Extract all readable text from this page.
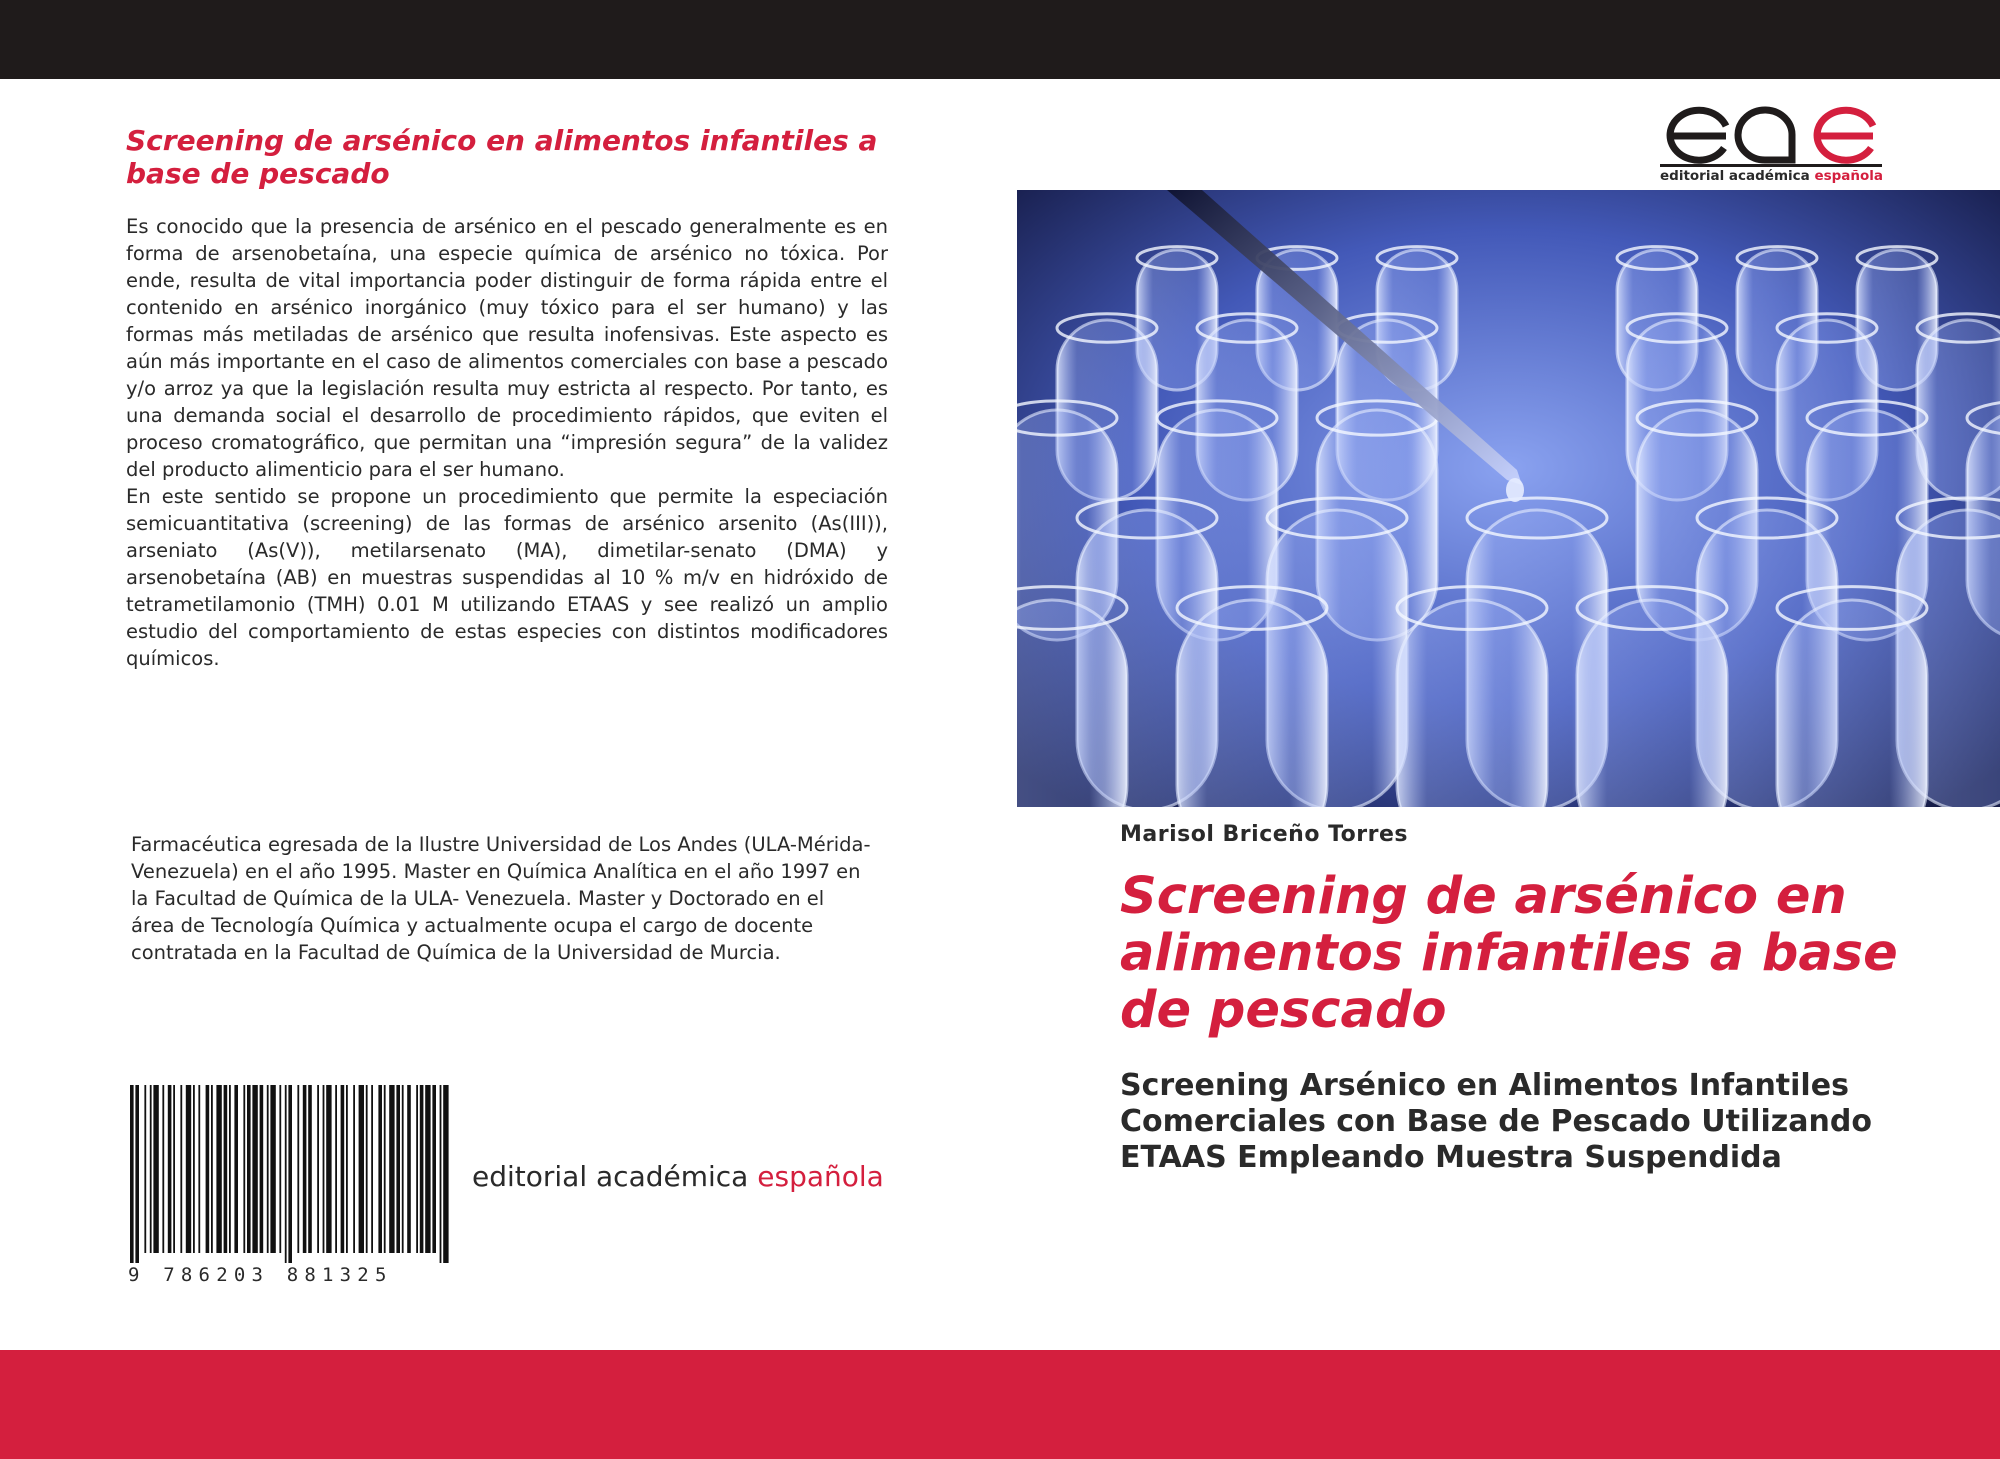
Screening de arsénico en alimentos infantiles a base de pescado

Es conocido que la presencia de arsénico en el pescado generalmente es en forma de arsenobetaína, una especie química de arsénico no tóxica. Por ende, resulta de vital importancia poder distinguir de forma rápida entre el contenido en arsénico inorgánico (muy tóxico para el ser humano) y las formas más metiladas de arsénico que resulta inofensivas. Este aspecto es aún más importante en el caso de alimentos comerciales con base a pescado y/o arroz ya que la legislación resulta muy estricta al respecto. Por tanto, es una demanda social el desarrollo de procedimiento rápidos, que eviten el proceso cromatográfico, que permitan una “impresión segura” de la validez del producto alimenticio para el ser humano.

En este sentido se propone un procedimiento que permite la especiación semicuantitativa (screening) de las formas de arsénico arsenito (As(III)), arseniato (As(V)), metilarsenato (MA), dimetilar-senato (DMA) y arsenobetaína (AB) en muestras suspendidas al 10 % m/v en hidróxido de tetrametilamonio (TMH) 0.01 M utilizando ETAAS y see realizó un amplio estudio del comportamiento de estas especies con distintos modificadores químicos.

Farmacéutica egresada de la Ilustre Universidad de Los Andes (ULA-Mérida-Venezuela) en el año 1995. Master en Química Analítica en el año 1997 en la Facultad de Química de la ULA- Venezuela. Master y Doctorado en el área de Tecnología Química y actualmente ocupa el cargo de docente contratada en la Facultad de Química de la Universidad de Murcia.
9 786203 881325
editorial académica española
editorial académica española
Marisol Briceño Torres
Screening de arsénico en alimentos infantiles a base de pescado
Screening Arsénico en Alimentos Infantiles Comerciales con Base de Pescado Utilizando ETAAS Empleando Muestra Suspendida
